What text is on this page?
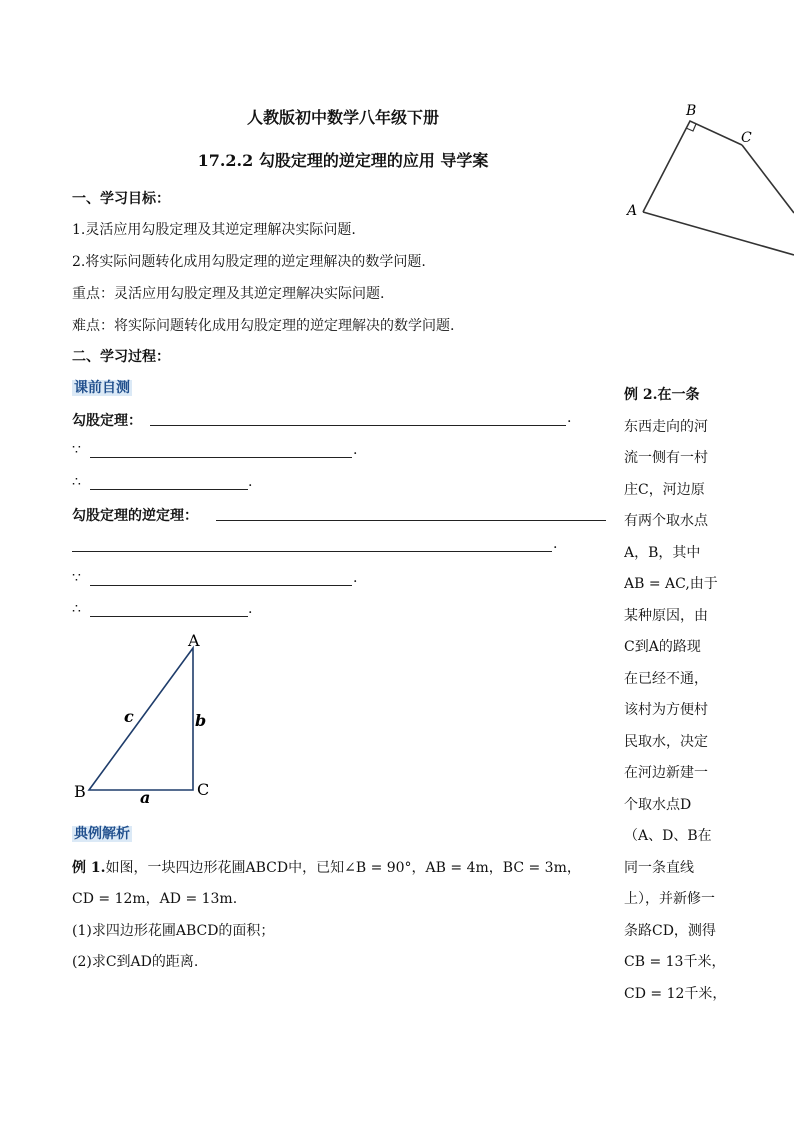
人教版初中数学八年级下册
17.2.2 勾股定理的逆定理的应用 导学案
一、学习目标：
1.灵活应用勾股定理及其逆定理解决实际问题.
2.将实际问题转化成用勾股定理的逆定理解决的数学问题.
重点：灵活应用勾股定理及其逆定理解决实际问题.
难点：将实际问题转化成用勾股定理的逆定理解决的数学问题.
二、学习过程：
课前自测
勾股定理：	.
∵	.
∴	.
勾股定理的逆定理：
.
∵	.
∴	.
A
B	C
c	b
a
典例解析
例 1.如图，一块四边形花圃ABCD中，已知∠B = 90°，AB = 4m，BC = 3m，
CD = 12m，AD = 13m.
(1)求四边形花圃ABCD的面积；
(2)求C到AD的距离.
B
C
A
例 2.在一条
东西走向的河
流一侧有一村
庄C，河边原
有两个取水点
A，B，其中
AB = AC,由于
某种原因，由
C到A的路现
在已经不通，
该村为方便村
民取水，决定
在河边新建一
个取水点D
（A、D、B在
同一条直线
上），并新修一
条路CD，测得
CB = 13千米，
CD = 12千米，
